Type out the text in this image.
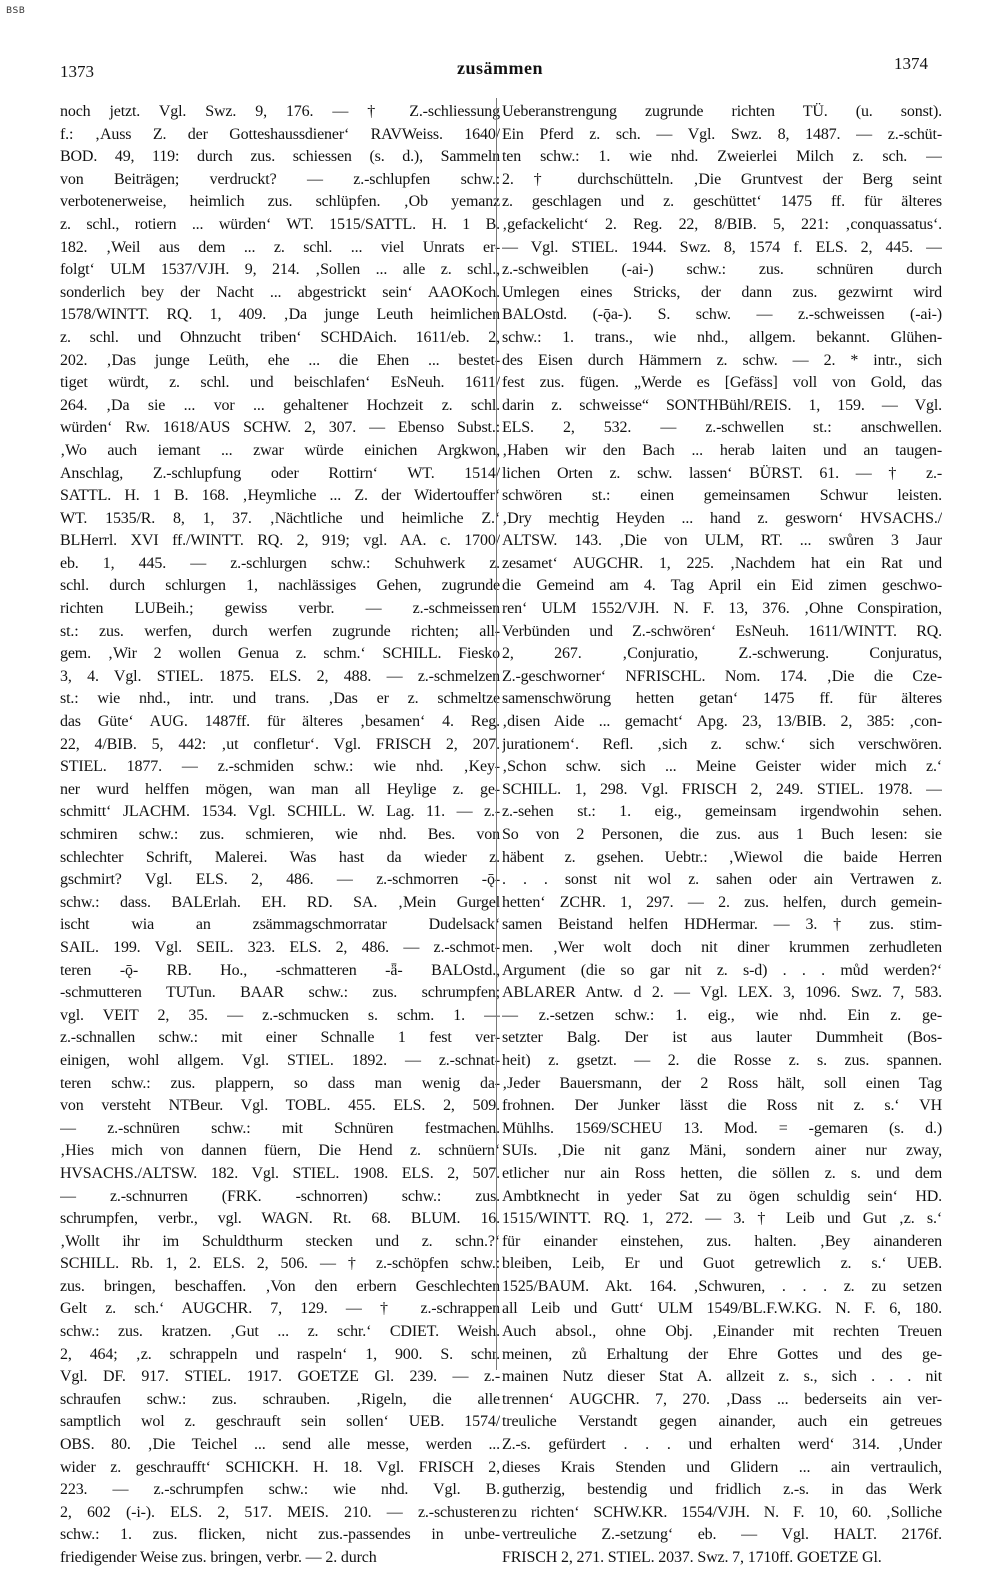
BSB
1373	zusämmen	1374
noch jetzt. Vgl. Swz. 9, 176. — † Z.-schliessung
f.: ‚Auss Z. der Gotteshaussdiener‘ RAVWeiss. 1640/
BOD. 49, 119: durch zus. schiessen (s. d.), Sammeln
von Beiträgen; verdruckt? — z.-schlupfen schw.:
verbotenerweise, heimlich zus. schlüpfen. ‚Ob yemanz
z. schl., rotiern ... würden‘ WT. 1515/SATTL. H. 1 B.
182. ‚Weil aus dem ... z. schl. ... viel Unrats er-
folgt‘ ULM 1537/VJH. 9, 214. ‚Sollen ... alle z. schl.,
sonderlich bey der Nacht ... abgestrickt sein‘ AAOKoch.
1578/WINTT. RQ. 1, 409. ‚Da junge Leuth heimlichen
z. schl. und Ohnzucht triben‘ SCHDAich. 1611/eb. 2,
202. ‚Das junge Leüth, ehe ... die Ehen ... bestet-
tiget würdt, z. schl. und beischlafen‘ EsNeuh. 1611/
264. ‚Da sie ... vor ... gehaltener Hochzeit z. schl.
würden‘ Rw. 1618/AUS SCHW. 2, 307. — Ebenso Subst.:
‚Wo auch iemant ... zwar würde einichen Argkwon,
Anschlag, Z.-schlupfung oder Rottirn‘ WT. 1514/
SATTL. H. 1 B. 168. ‚Heymliche ... Z. der Widertouffer‘
WT. 1535/R. 8, 1, 37. ‚Nächtliche und heimliche Z.‘
BLHerrl. XVI ff./WINTT. RQ. 2, 919; vgl. AA. c. 1700/
eb. 1, 445. — z.-schlurgen schw.: Schuhwerk z.
schl. durch schlurgen 1, nachlässiges Gehen, zugrunde
richten LUBeih.; gewiss verbr. — z.-schmeissen
st.: zus. werfen, durch werfen zugrunde richten; all-
gem. ‚Wir 2 wollen Genua z. schm.‘ SCHILL. Fiesko
3, 4. Vgl. STIEL. 1875. ELS. 2, 488. — z.-schmelzen
st.: wie nhd., intr. und trans. ‚Das er z. schmeltze
das Güte‘ AUG. 1487ff. für älteres ‚besamen‘ 4. Reg.
22, 4/BIB. 5, 442: ‚ut confletur‘. Vgl. FRISCH 2, 207.
STIEL. 1877. — z.-schmiden schw.: wie nhd. ‚Key-
ner wurd helffen mögen, wan man all Heylige z. ge-
schmitt‘ JLACHM. 1534. Vgl. SCHILL. W. Lag. 11. — z.-
schmiren schw.: zus. schmieren, wie nhd. Bes. von
schlechter Schrift, Malerei. Was hast da wieder z.
gschmirt? Vgl. ELS. 2, 486. — z.-schmorren -ǭ-
schw.: dass. BALErlah. EH. RD. SA. ‚Mein Gurgel
ischt wia an zsämmagschmorratar Dudelsack‘
SAIL. 199. Vgl. SEIL. 323. ELS. 2, 486. — z.-schmot-
teren -ǭ- RB. Ho., -schmatteren -ǟ- BALOstd.,
-schmutteren TUTun. BAAR schw.: zus. schrumpfen;
vgl. VEIT 2, 35. — z.-schmucken s. schm. 1. —
z.-schnallen schw.: mit einer Schnalle 1 fest ver-
einigen, wohl allgem. Vgl. STIEL. 1892. — z.-schnat-
teren schw.: zus. plappern, so dass man wenig da-
von versteht NTBeur. Vgl. TOBL. 455. ELS. 2, 509.
— z.-schnüren schw.: mit Schnüren festmachen.
‚Hies mich von dannen füern, Die Hend z. schnüern‘
HVSACHS./ALTSW. 182. Vgl. STIEL. 1908. ELS. 2, 507.
— z.-schnurren (FRK. -schnorren) schw.: zus.
schrumpfen, verbr., vgl. WAGN. Rt. 68. BLUM. 16.
‚Wollt ihr im Schuldthurm stecken und z. schn.?‘
SCHILL. Rb. 1, 2. ELS. 2, 506. — † z.-schöpfen schw.:
zus. bringen, beschaffen. ‚Von den erbern Geschlechten
Gelt z. sch.‘ AUGCHR. 7, 129. — † z.-schrappen
schw.: zus. kratzen. ‚Gut ... z. schr.‘ CDIET. Weish.
2, 464; ‚z. schrappeln und raspeln‘ 1, 900. S. schr.
Vgl. DF. 917. STIEL. 1917. GOETZE Gl. 239. — z.-
schraufen schw.: zus. schrauben. ‚Rigeln, die alle
samptlich wol z. geschrauft sein sollen‘ UEB. 1574/
OBS. 80. ‚Die Teichel ... send alle messe, werden ...
wider z. geschraufft‘ SCHICKH. H. 18. Vgl. FRISCH 2,
223. — z.-schrumpfen schw.: wie nhd. Vgl. B.
2, 602 (-i-). ELS. 2, 517. MEIS. 210. — z.-schusteren
schw.: 1. zus. flicken, nicht zus.-passendes in unbe-
friedigender Weise zus. bringen, verbr. — 2. durch
Ueberanstrengung zugrunde richten TÜ. (u. sonst).
Ein Pferd z. sch. — Vgl. Swz. 8, 1487. — z.-schüt-
ten schw.: 1. wie nhd. Zweierlei Milch z. sch. —
2. † durchschütteln. ‚Die Gruntvest der Berg seint
z. geschlagen und z. geschüttet‘ 1475 ff. für älteres
‚gefackelicht‘ 2. Reg. 22, 8/BIB. 5, 221: ‚conquassatus‘.
— Vgl. STIEL. 1944. Swz. 8, 1574 f. ELS. 2, 445. —
z.-schweiblen (-ai-) schw.: zus. schnüren durch
Umlegen eines Stricks, der dann zus. gezwirnt wird
BALOstd. (-ǭa-). S. schw. — z.-schweissen (-ai-)
schw.: 1. trans., wie nhd., allgem. bekannt. Glühen-
des Eisen durch Hämmern z. schw. — 2. * intr., sich
fest zus. fügen. „Werde es [Gefäss] voll von Gold, das
darin z. schweisse“ SONTHBühl/REIS. 1, 159. — Vgl.
ELS. 2, 532. — z.-schwellen st.: anschwellen.
‚Haben wir den Bach ... herab laiten und an taugen-
lichen Orten z. schw. lassen‘ BÜRST. 61. — † z.-
schwören st.: einen gemeinsamen Schwur leisten.
‚Dry mechtig Heyden ... hand z. gesworn‘ HVSACHS./
ALTSW. 143. ‚Die von ULM, RT. ... swůren 3 Jaur
zesamet‘ AUGCHR. 1, 225. ‚Nachdem hat ein Rat und
die Gemeind am 4. Tag April ein Eid zimen geschwo-
ren‘ ULM 1552/VJH. N. F. 13, 376. ‚Ohne Conspiration,
Verbünden und Z.-schwören‘ EsNeuh. 1611/WINTT. RQ.
2, 267. ‚Conjuratio, Z.-schwerung. Conjuratus,
Z.-geschworner‘ NFRISCHL. Nom. 174. ‚Die die Cze-
samenschwörung hetten getan‘ 1475 ff. für älteres
‚disen Aide ... gemacht‘ Apg. 23, 13/BIB. 2, 385: ‚con-
jurationem‘. Refl. ‚sich z. schw.‘ sich verschwören.
‚Schon schw. sich ... Meine Geister wider mich z.‘
SCHILL. 1, 298. Vgl. FRISCH 2, 249. STIEL. 1978. —
z.-sehen st.: 1. eig., gemeinsam irgendwohin sehen.
So von 2 Personen, die zus. aus 1 Buch lesen: sie
häbent z. gsehen. Uebtr.: ‚Wiewol die baide Herren
. . . sonst nit wol z. sahen oder ain Vertrawen z.
hetten‘ ZCHR. 1, 297. — 2. zus. helfen, durch gemein-
samen Beistand helfen HDHermar. — 3. † zus. stim-
men. ‚Wer wolt doch nit diner krummen zerhudleten
Argument (die so gar nit z. s-d) . . . můd werden?‘
ABLARER Antw. d 2. — Vgl. LEX. 3, 1096. Swz. 7, 583.
— z.-setzen schw.: 1. eig., wie nhd. Ein z. ge-
setzter Balg. Der ist aus lauter Dummheit (Bos-
heit) z. gsetzt. — 2. die Rosse z. s. zus. spannen.
‚Jeder Bauersmann, der 2 Ross hält, soll einen Tag
frohnen. Der Junker lässt die Ross nit z. s.‘ VH
Mühlhs. 1569/SCHEU 13. Mod. = -gemaren (s. d.)
SUIs. ‚Die nit ganz Mäni, sondern ainer nur zway,
etlicher nur ain Ross hetten, die söllen z. s. und dem
Ambtknecht in yeder Sat zu ögen schuldig sein‘ HD.
1515/WINTT. RQ. 1, 272. — 3. † Leib und Gut ‚z. s.‘
für einander einstehen, zus. halten. ‚Bey ainanderen
bleiben, Leib, Er und Guot getrewlich z. s.‘ UEB.
1525/BAUM. Akt. 164. ‚Schwuren, . . . z. zu setzen
all Leib und Gutt‘ ULM 1549/BL.F.W.KG. N. F. 6, 180.
Auch absol., ohne Obj. ‚Einander mit rechten Treuen
meinen, zů Erhaltung der Ehre Gottes und des ge-
mainen Nutz dieser Stat A. allzeit z. s., sich . . . nit
trennen‘ AUGCHR. 7, 270. ‚Dass ... bederseits ain ver-
treuliche Verstandt gegen ainander, auch ein getreues
Z.-s. gefürdert . . . und erhalten werd‘ 314. ‚Under
dieses Krais Stenden und Glidern ... ain vertraulich,
gutherzig, bestendig und fridlich z.-s. in das Werk
zu richten‘ SCHW.KR. 1554/VJH. N. F. 10, 60. ‚Solliche
vertreuliche Z.-setzung‘ eb. — Vgl. HALT. 2176f.
FRISCH 2, 271. STIEL. 2037. Swz. 7, 1710ff. GOETZE Gl.
